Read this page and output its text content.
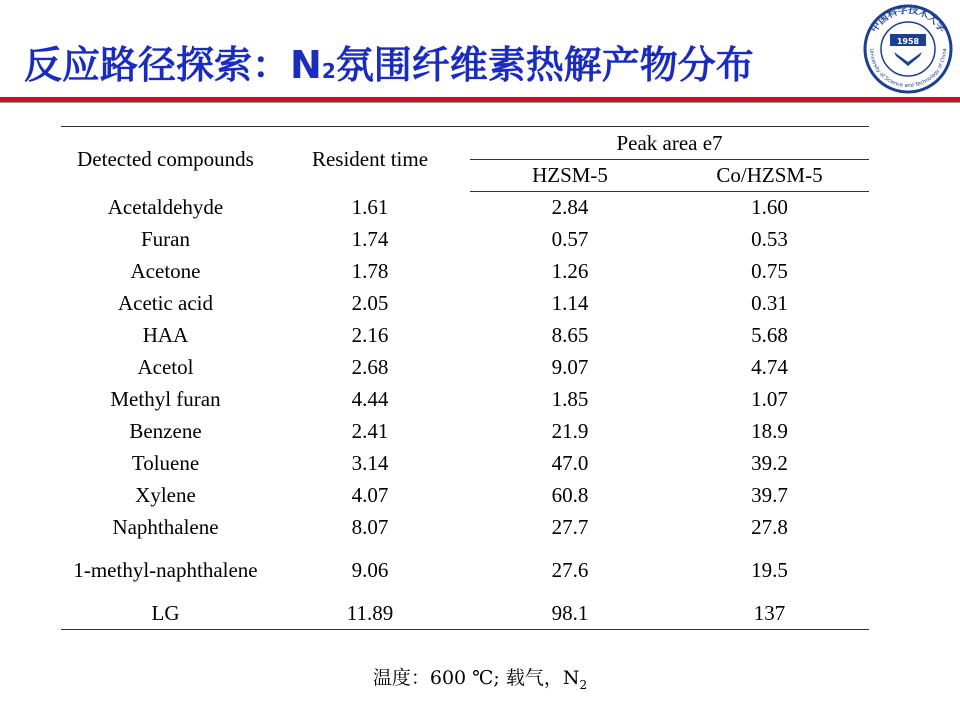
反应路径探索：N2氛围纤维素热解产物分布
中国科学技术大学
University of Science and Technology of China
1958
Detected compounds	Resident time	Peak area e7	
		HZSM-5	Co/HZSM-5
Acetaldehyde	1.61	2.84	1.60
Furan	1.74	0.57	0.53
Acetone	1.78	1.26	0.75
Acetic acid	2.05	1.14	0.31
HAA	2.16	8.65	5.68
Acetol	2.68	9.07	4.74
Methyl furan	4.44	1.85	1.07
Benzene	2.41	21.9	18.9
Toluene	3.14	47.0	39.2
Xylene	4.07	60.8	39.7
Naphthalene	8.07	27.7	27.8
1-methyl-naphthalene	9.06	27.6	19.5
LG	11.89	98.1	137
温度：600 ℃; 载气，$N_2$
